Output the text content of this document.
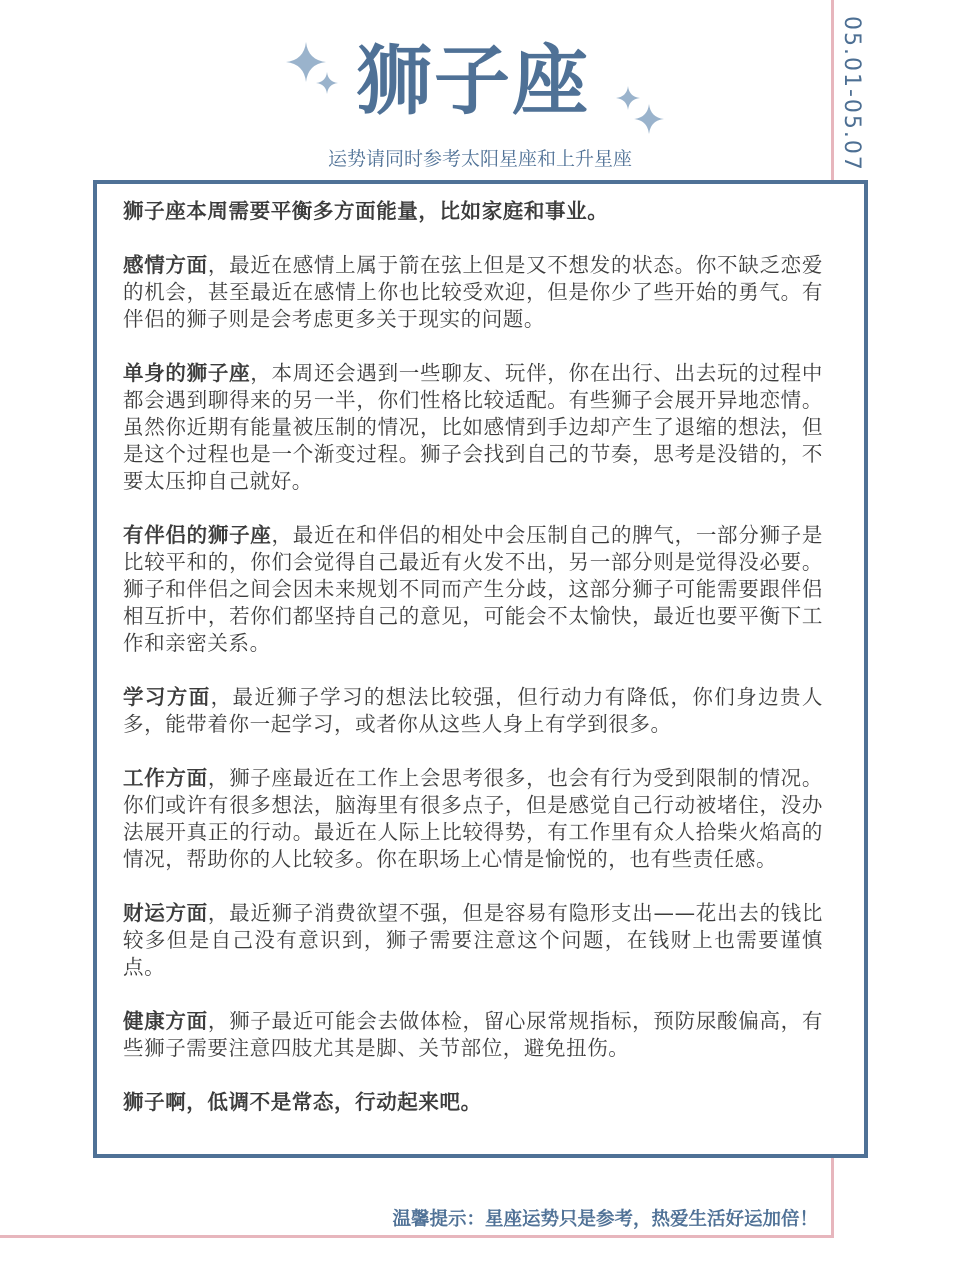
05.01-05.07
狮子座
运势请同时参考太阳星座和上升星座

狮子座本周需要平衡多方面能量，比如家庭和事业。

感情方面，最近在感情上属于箭在弦上但是又不想发的状态。你不缺乏恋爱的机会，甚至最近在感情上你也比较受欢迎，但是你少了些开始的勇气。有伴侣的狮子则是会考虑更多关于现实的问题。

单身的狮子座，本周还会遇到一些聊友、玩伴，你在出行、出去玩的过程中都会遇到聊得来的另一半，你们性格比较适配。有些狮子会展开异地恋情。虽然你近期有能量被压制的情况，比如感情到手边却产生了退缩的想法，但是这个过程也是一个渐变过程。狮子会找到自己的节奏，思考是没错的，不要太压抑自己就好。

有伴侣的狮子座，最近在和伴侣的相处中会压制自己的脾气，一部分狮子是比较平和的，你们会觉得自己最近有火发不出，另一部分则是觉得没必要。狮子和伴侣之间会因未来规划不同而产生分歧，这部分狮子可能需要跟伴侣相互折中，若你们都坚持自己的意见，可能会不太愉快，最近也要平衡下工作和亲密关系。

学习方面，最近狮子学习的想法比较强，但行动力有降低，你们身边贵人多，能带着你一起学习，或者你从这些人身上有学到很多。

工作方面，狮子座最近在工作上会思考很多，也会有行为受到限制的情况。你们或许有很多想法，脑海里有很多点子，但是感觉自己行动被堵住，没办法展开真正的行动。最近在人际上比较得势，有工作里有众人拾柴火焰高的情况，帮助你的人比较多。你在职场上心情是愉悦的，也有些责任感。

财运方面，最近狮子消费欲望不强，但是容易有隐形支出——花出去的钱比较多但是自己没有意识到，狮子需要注意这个问题，在钱财上也需要谨慎点。

健康方面，狮子最近可能会去做体检，留心尿常规指标，预防尿酸偏高，有些狮子需要注意四肢尤其是脚、关节部位，避免扭伤。

狮子啊，低调不是常态，行动起来吧。

温馨提示：星座运势只是参考，热爱生活好运加倍！
